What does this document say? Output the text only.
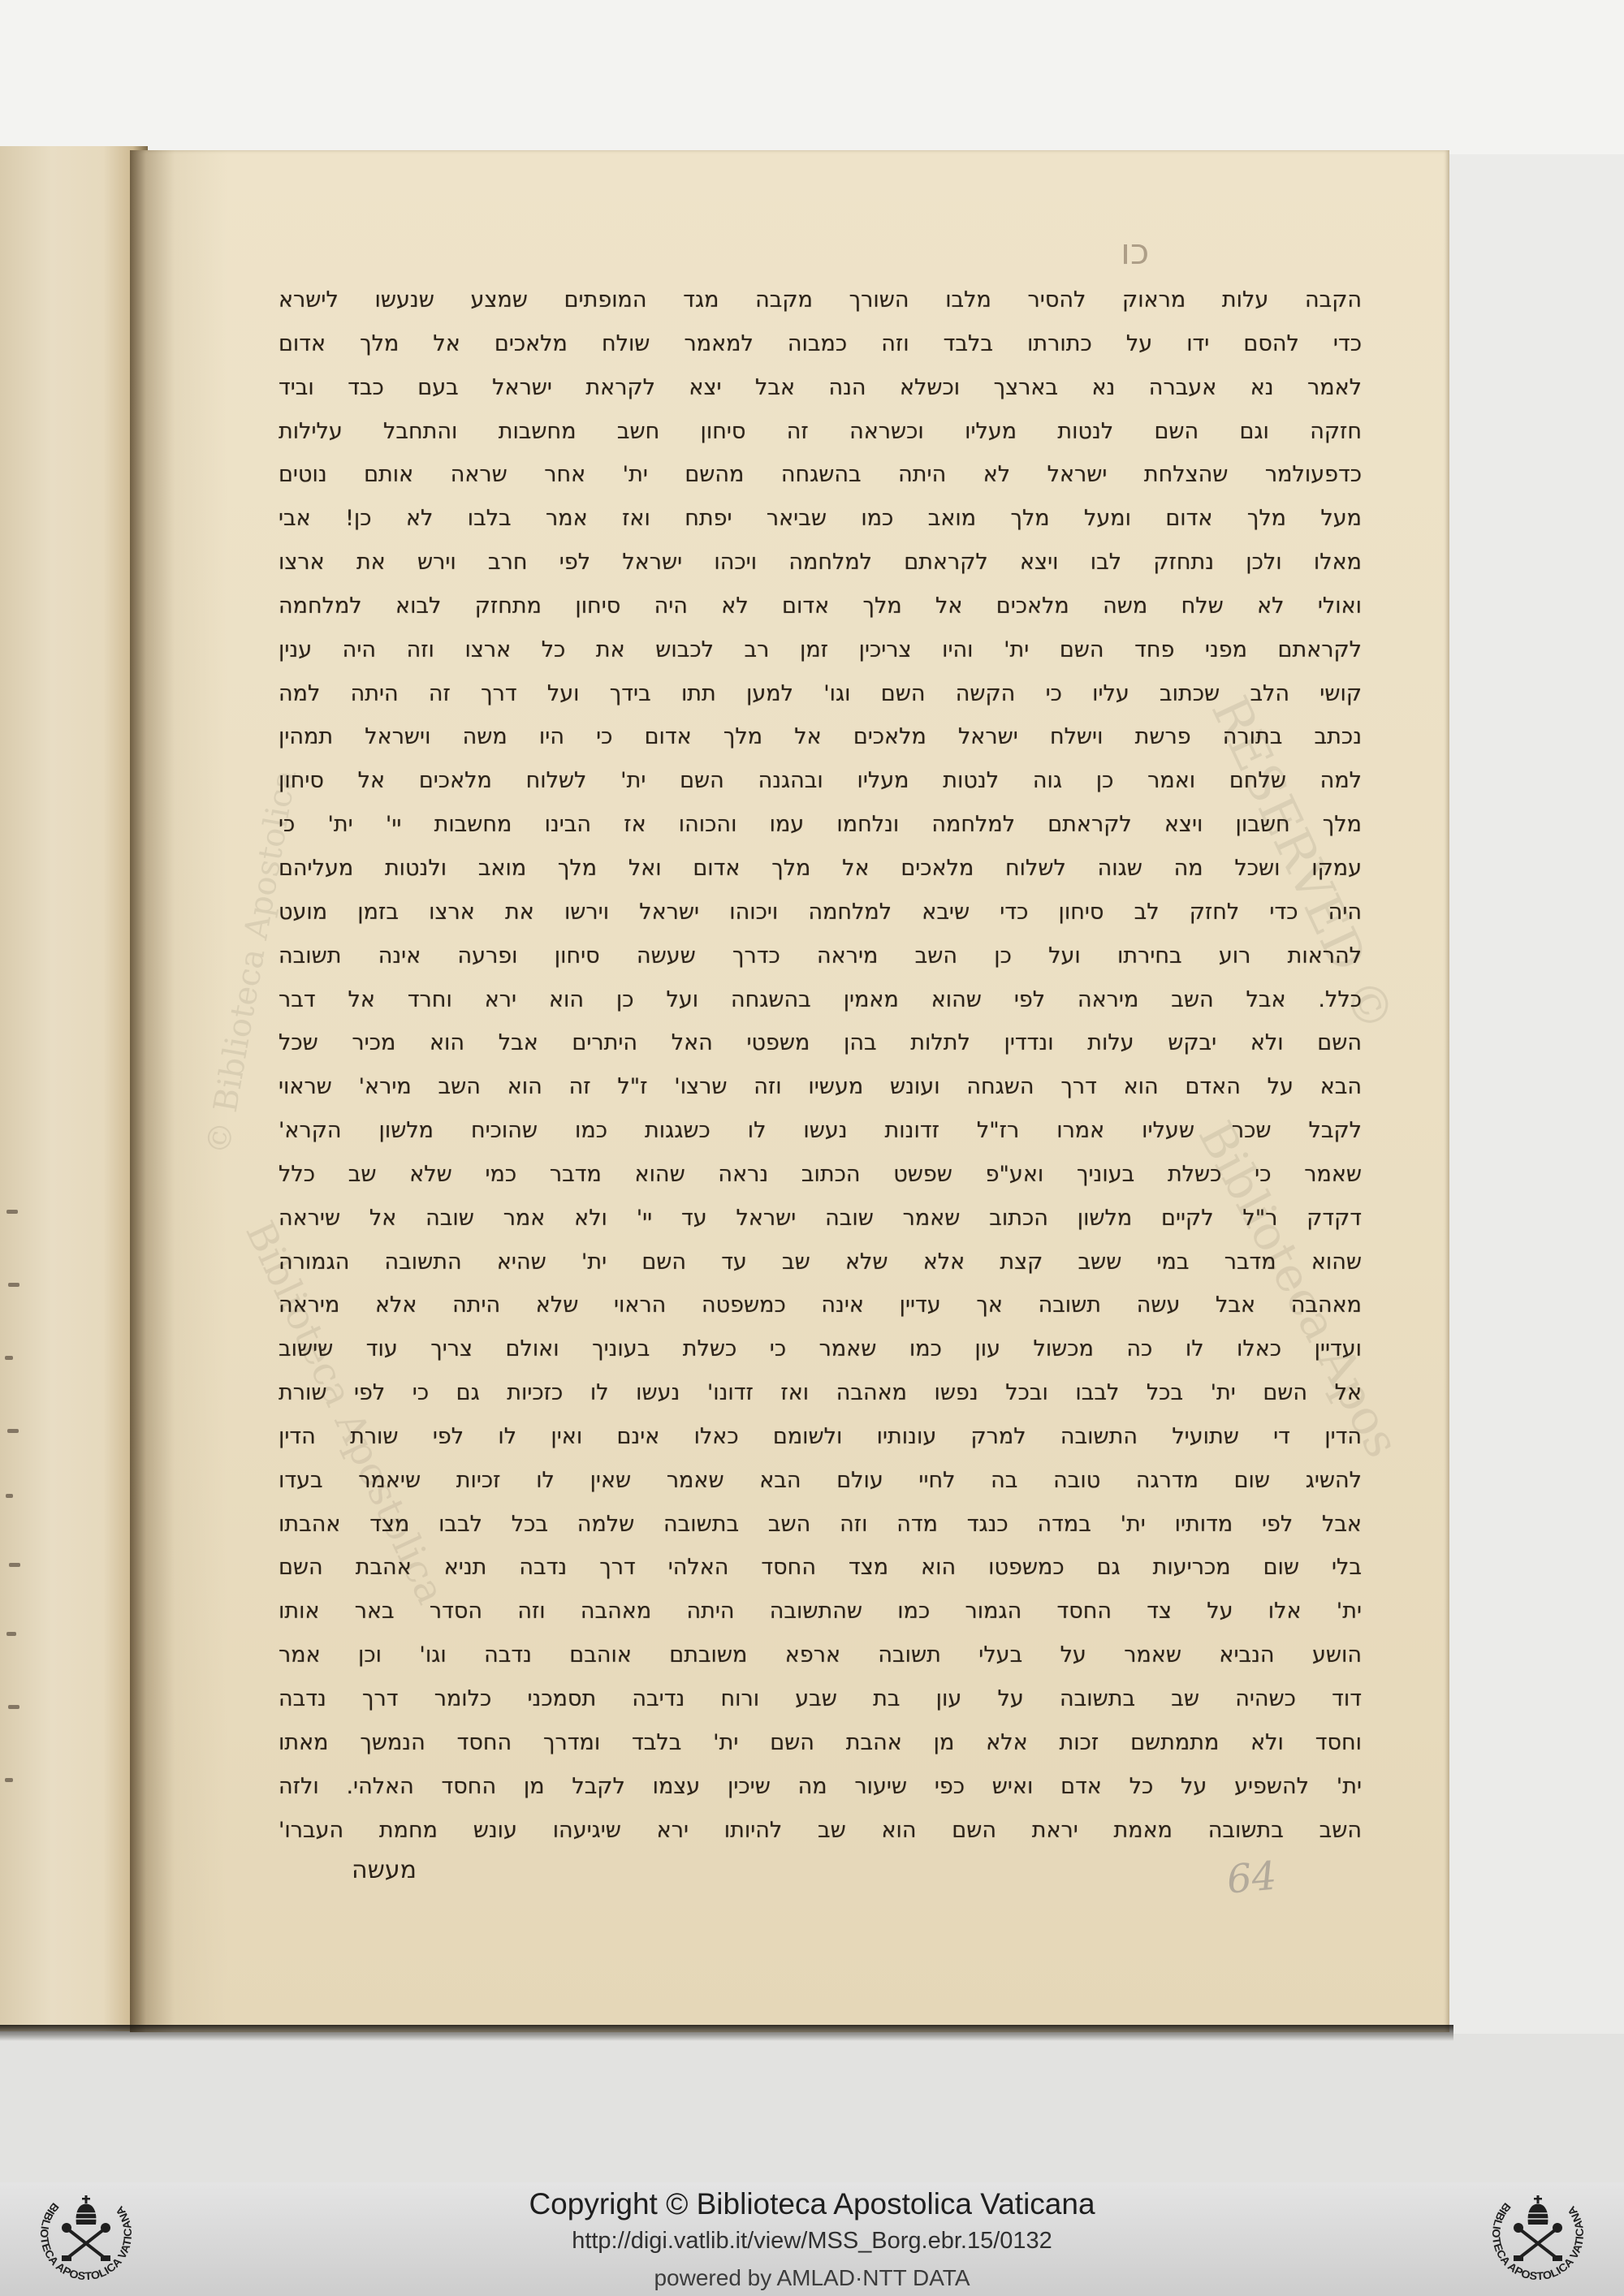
RESERVED ©
Biblioteca Apos
© Biblioteca Apostolica
Biblioteca Apostolica
כו
הקבה עלות מראוק להסיר מלבו השורך מקבה מגד המופתים שמצע שנעשו לישרא
כדי להסם ידו על כתורתו בלבד וזה כמבוה למאמר שולח מלאכים אל מלך אדום
לאמר נא אעברה נא בארצך וכשלא הנה אבל יצא לקראת ישראל בעם כבד וביד
חזקה וגם השם לנטות מעליו וכשראה זה סיחון חשב מחשבות והתחבל עלילות
כדפעולמר שהצלחת ישראל לא היתה בהשגחה מהשם ית' אחר שראה אותם נוטים
מעל מלך אדום ומעל מלך מואב כמו שביאר יפתח ואז אמר בלבו לא כן! אבי
מאלו ולכן נתחזק לבו ויצא לקראתם למלחמה ויכהו ישראל לפי חרב וירש את ארצו
ואולי לא שלח משה מלאכים אל מלך אדום לא היה סיחון מתחזק לבוא למלחמה
לקראתם מפני פחד השם ית' והיו צריכין זמן רב לכבוש את כל ארצו וזה היה ענין
קושי הלב שכתוב עליו כי הקשה השם וגו' למען תתו בידך ועל דרך זה היתה למה
נכתב בתורה פרשת וישלח ישראל מלאכים אל מלך אדום כי היו משה וישראל תמהין
למה שלחם ואמר כן גוה לנטות מעליו ובהגנה השם ית' לשלוח מלאכים אל סיחון
מלך חשבון ויצא לקראתם למלחמה ונלחמו עמו והכוהו אז הבינו מחשבות יי' ית' כי
עמקו ושכל מה שגוה לשלוח מלאכים אל מלך אדום ואל מלך מואב ולנטות מעליהם
היה כדי לחזק לב סיחון כדי שיבא למלחמה ויכוהו ישראל וירשו את ארצו בזמן מועט
להראות רוע בחירתו ועל כן השב מיראה כדרך שעשה סיחון ופרעה אינה תשובה
כלל. אבל השב מיראה לפי שהוא מאמין בהשגחה ועל כן הוא ירא וחרד אל דבר
השם ולא יבקש עלות ונדדין לתלות בהן משפטי האל היתרים אבל הוא מכיר שכל
הבא על האדם הוא דרך השגחה ועונש מעשיו וזה שרצו' ז"ל זה הוא השב מירא' שראוי
לקבל שכר שעליו אמרו רז"ל זדונות נעשו לו כשגגות כמו שהוכיח מלשון הקרא'
שאמר כי כשלת בעוניך ואע"פ שפשט הכתוב נראה שהוא מדבר כמי שלא שב כלל
דקדק ר"ל לקיים מלשון הכתוב שאמר שובה ישראל עד יי' ולא אמר שובה אל שיראה
שהוא מדבר במי ששב קצת אלא שלא שב עד השם ית' שהיא התשובה הגמורה
מאהבה אבל עשה תשובה אך עדיין אינה כמשפטה הראוי שלא היתה אלא מיראה
ועדיין כאלו לו כה מכשול עון כמו שאמר כי כשלת בעוניך ואולם צריך עוד שישוב
אל השם ית' בכל לבבו ובכל נפשו מאהבה ואז זדונו' נעשו לו כזכיות גם כי לפי שורת
הדין די שתועיל התשובה למרק עונותיו ולשומם כאלו אינם ואין לו לפי שורת הדין
להשיג שום מדרגה טובה בה לחיי עולם הבא שאמר שאין לו זכיות שיאמר בעדו
אבל לפי מדותיו ית' במדה כנגד מדה וזה השב בתשובה שלמה בכל לבבו מצד אהבתו
בלי שום מכריעות גם כמשפטו הוא מצד החסד האלהי דרך נדבה תניא אהבת השם
ית' אלו על צד החסד הגמור כמו שהתשובה היתה מאהבה וזה הסדר באר אותו
הושע הנביא שאמר על בעלי תשובה ארפא משובתם אוהבם נדבה וגו' וכן אמר
דוד כשהיה שב בתשובה על עון בת שבע ורוח נדיבה תסמכני כלומר דרך נדבה
וחסד ולא מתמתשם זכות אלא מן אהבת השם ית' בלבד ומדרך החסד הנמשך מאתו
ית' להשפיע על כל אדם ואיש כפי שיעור מה שיכין עצמו לקבל מן החסד האלהי. ולזה
השב בתשובה מאמת יראת השם הוא שב להיותו ירא שיגיעהו עונש מחמת העברו'
מעשה	64
Copyright © Biblioteca Apostolica Vaticana
http://digi.vatlib.it/view/MSS_Borg.ebr.15/0132
powered by AMLAD·NTT DATA
BIBLIOTECA APOSTOLICA VATICANA	BIBLIOTECA APOSTOLICA VATICANA
